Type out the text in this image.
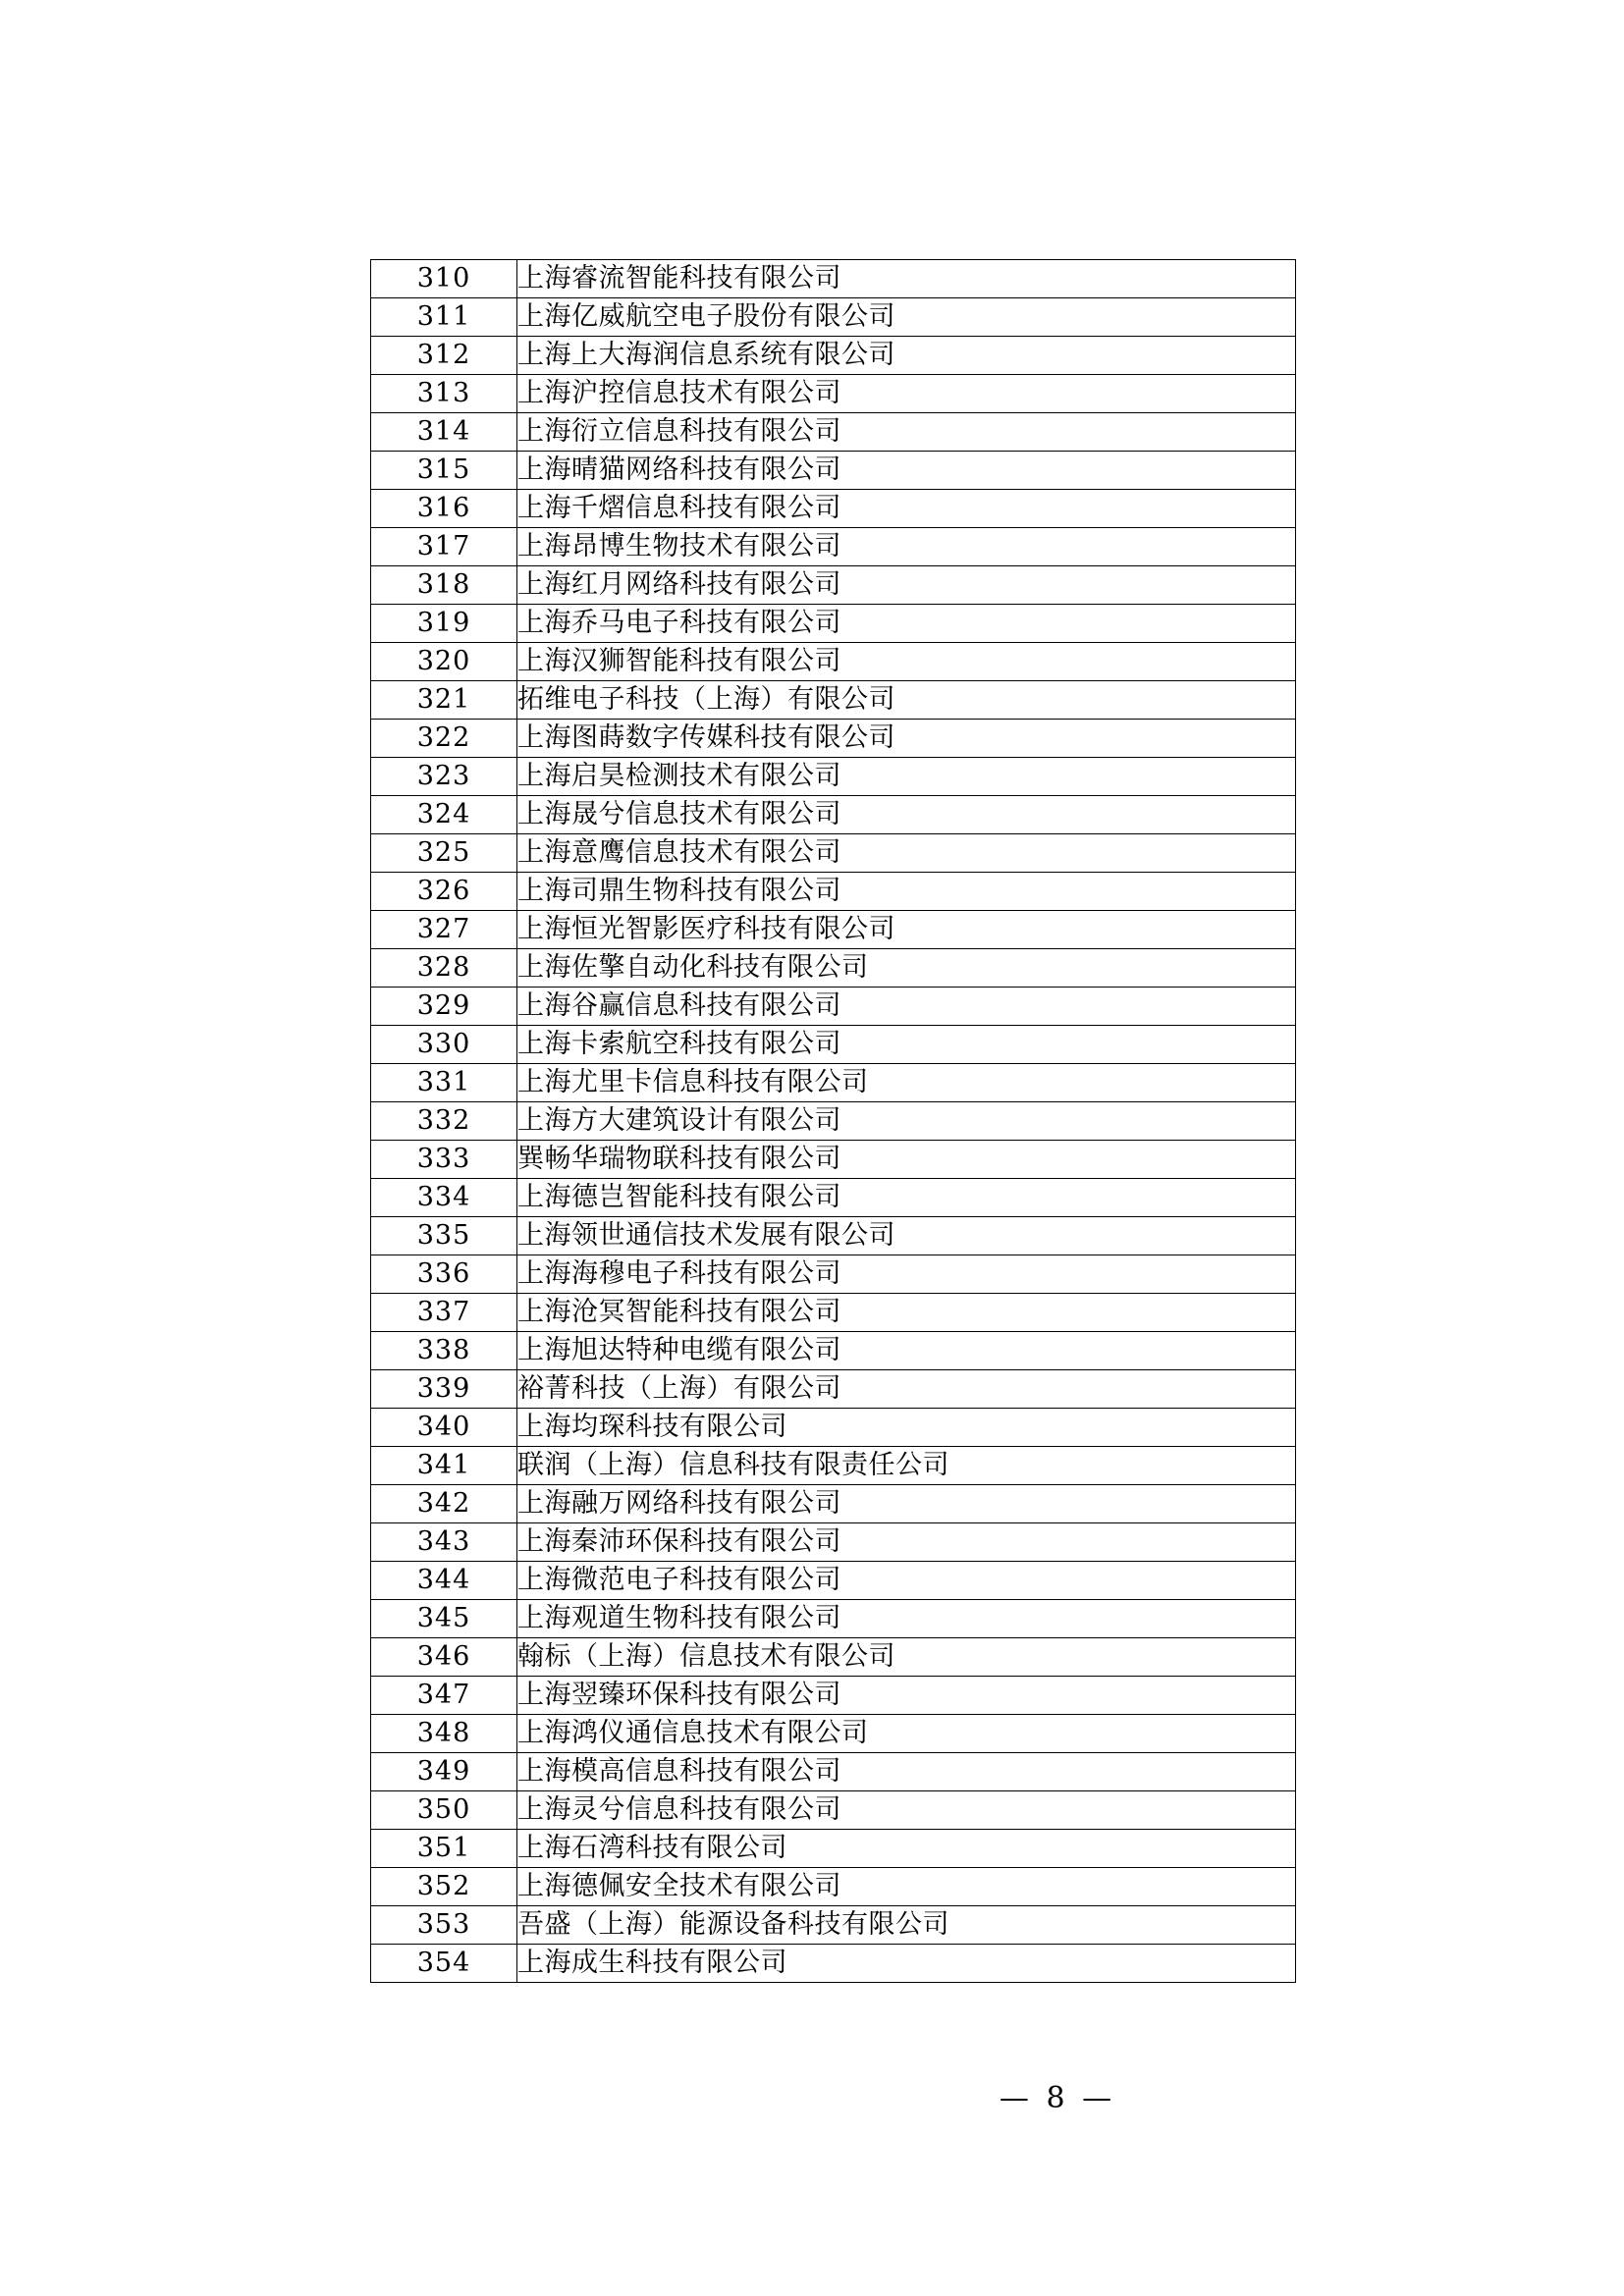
310	上海睿流智能科技有限公司
311	上海亿威航空电子股份有限公司
312	上海上大海润信息系统有限公司
313	上海沪控信息技术有限公司
314	上海衍立信息科技有限公司
315	上海晴猫网络科技有限公司
316	上海千熠信息科技有限公司
317	上海昂博生物技术有限公司
318	上海红月网络科技有限公司
319	上海乔马电子科技有限公司
320	上海汉狮智能科技有限公司
321	拓维电子科技（上海）有限公司
322	上海图蒔数字传媒科技有限公司
323	上海启昊检测技术有限公司
324	上海晟兮信息技术有限公司
325	上海意鹰信息技术有限公司
326	上海司鼎生物科技有限公司
327	上海恒光智影医疗科技有限公司
328	上海佐擎自动化科技有限公司
329	上海谷赢信息科技有限公司
330	上海卡索航空科技有限公司
331	上海尤里卡信息科技有限公司
332	上海方大建筑设计有限公司
333	巽畅华瑞物联科技有限公司
334	上海德岂智能科技有限公司
335	上海领世通信技术发展有限公司
336	上海海穆电子科技有限公司
337	上海沧冥智能科技有限公司
338	上海旭达特种电缆有限公司
339	裕菁科技（上海）有限公司
340	上海均琛科技有限公司
341	联润（上海）信息科技有限责任公司
342	上海融万网络科技有限公司
343	上海秦沛环保科技有限公司
344	上海微范电子科技有限公司
345	上海观道生物科技有限公司
346	翰标（上海）信息技术有限公司
347	上海翌臻环保科技有限公司
348	上海鸿仪通信息技术有限公司
349	上海模高信息科技有限公司
350	上海灵兮信息科技有限公司
351	上海石湾科技有限公司
352	上海德佩安全技术有限公司
353	吾盛（上海）能源设备科技有限公司
354	上海成生科技有限公司
— 8 —
